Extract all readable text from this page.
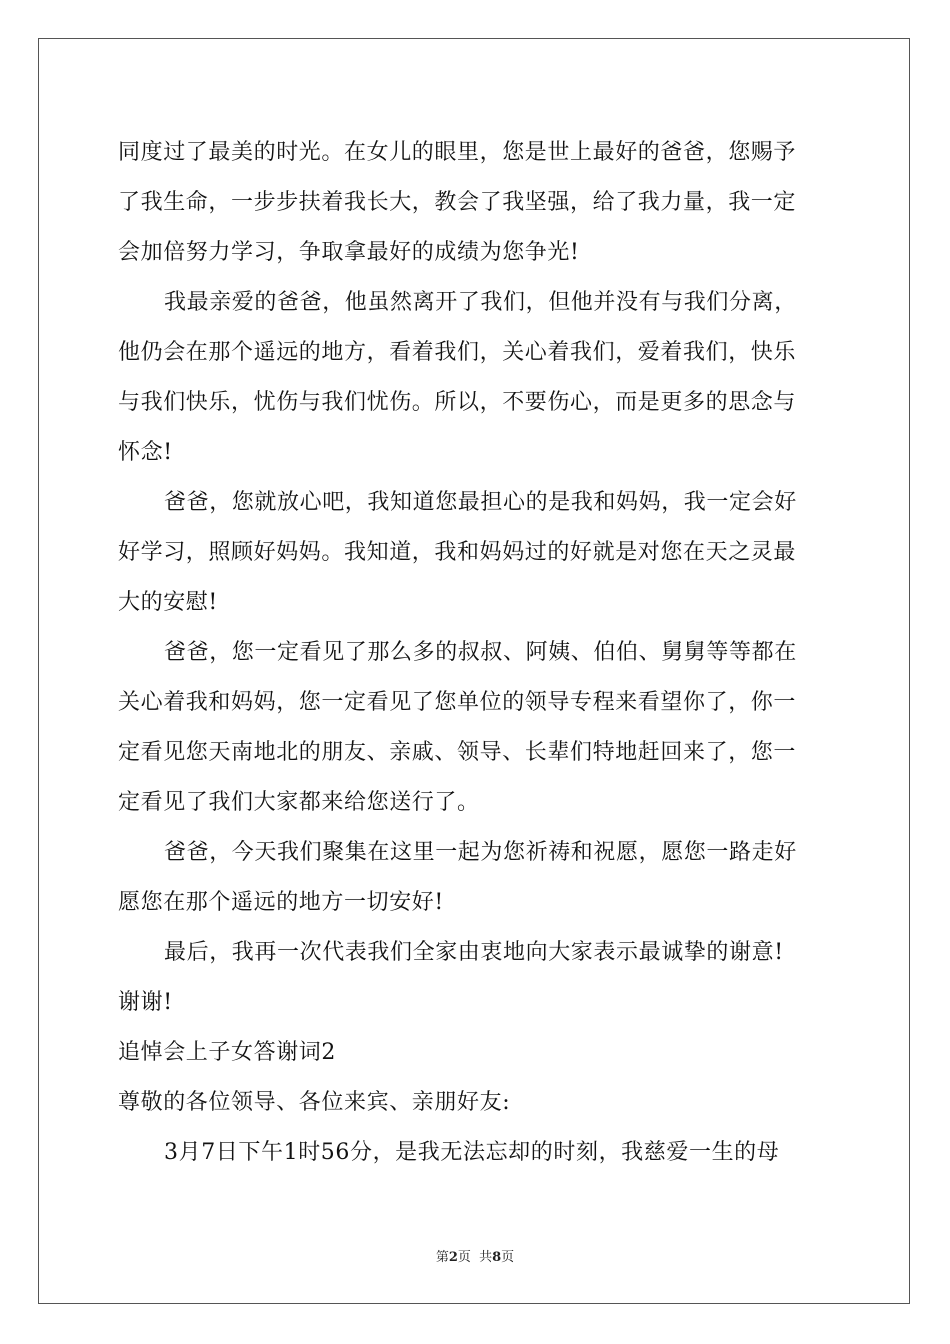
同度过了最美的时光。在女儿的眼里，您是世上最好的爸爸，您赐予
了我生命，一步步扶着我长大，教会了我坚强，给了我力量，我一定
会加倍努力学习，争取拿最好的成绩为您争光!
我最亲爱的爸爸，他虽然离开了我们，但他并没有与我们分离，
他仍会在那个遥远的地方，看着我们，关心着我们，爱着我们，快乐
与我们快乐，忧伤与我们忧伤。所以，不要伤心，而是更多的思念与
怀念!
爸爸，您就放心吧，我知道您最担心的是我和妈妈，我一定会好
好学习，照顾好妈妈。我知道，我和妈妈过的好就是对您在天之灵最
大的安慰!
爸爸，您一定看见了那么多的叔叔、阿姨、伯伯、舅舅等等都在
关心着我和妈妈，您一定看见了您单位的领导专程来看望你了，你一
定看见您天南地北的朋友、亲戚、领导、长辈们特地赶回来了，您一
定看见了我们大家都来给您送行了。
爸爸，今天我们聚集在这里一起为您祈祷和祝愿，愿您一路走好
愿您在那个遥远的地方一切安好!
最后，我再一次代表我们全家由衷地向大家表示最诚挚的谢意!
谢谢!
追悼会上子女答谢词2
尊敬的各位领导、各位来宾、亲朋好友:
3月7日下午1时56分，是我无法忘却的时刻，我慈爱一生的母
第2页 共8页
